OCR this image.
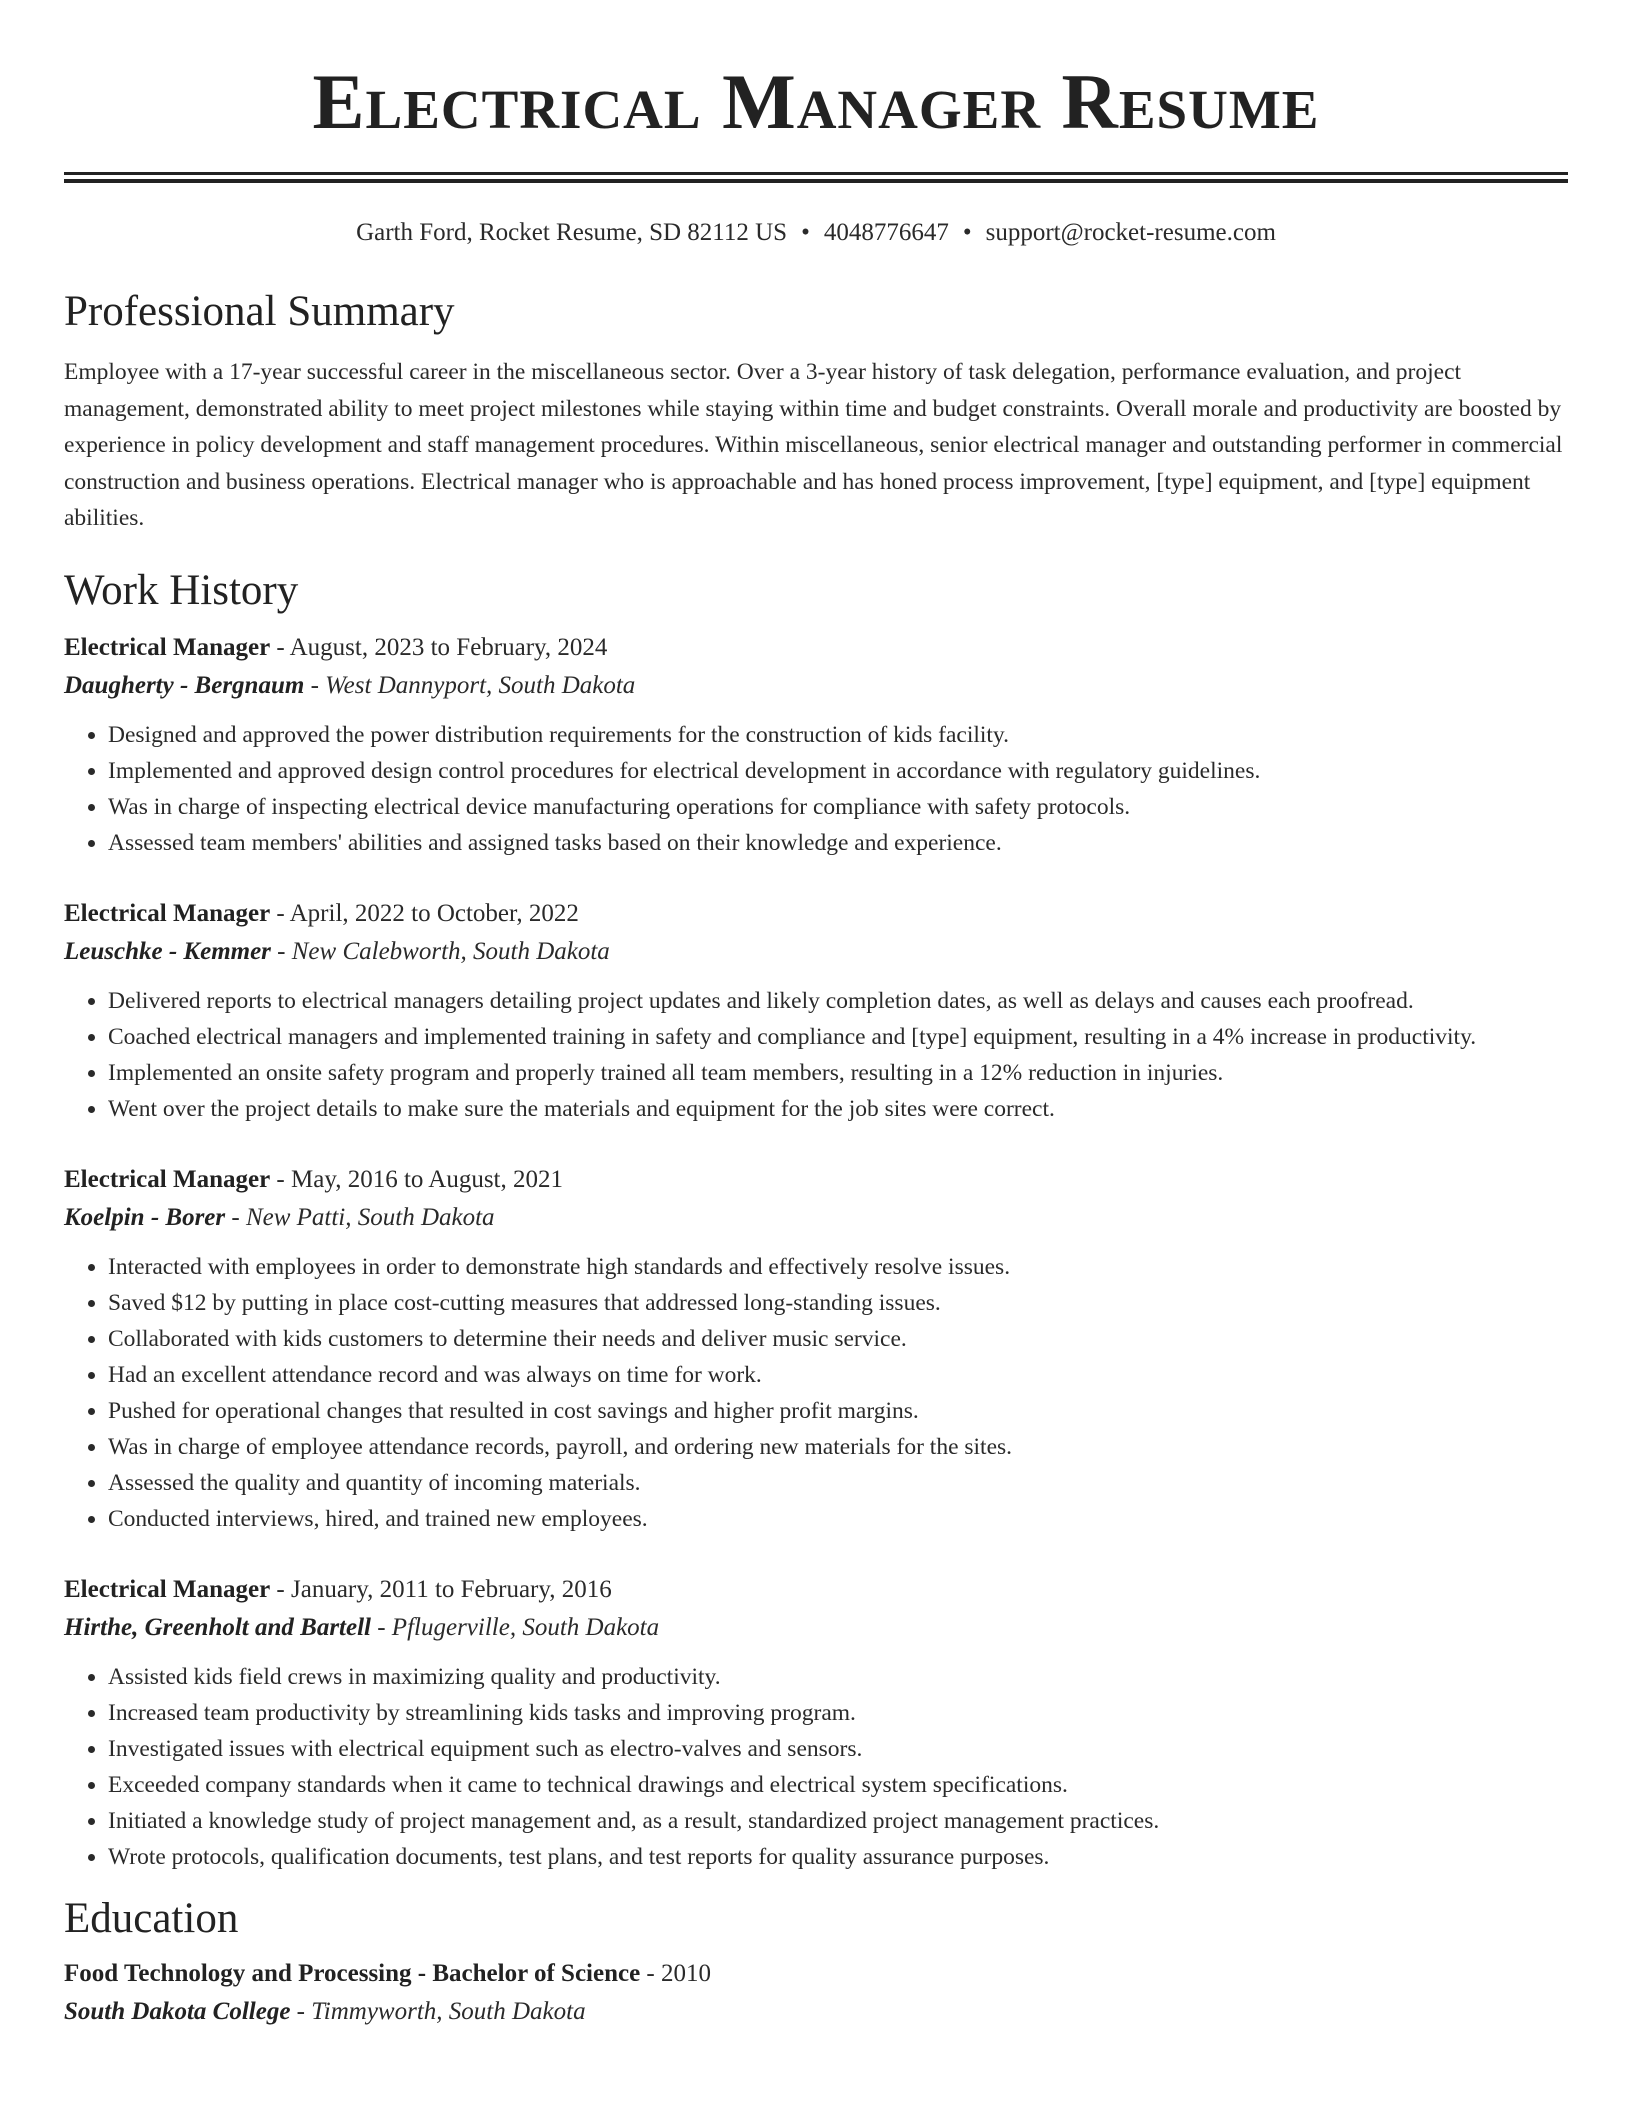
Electrical Manager Resume
Garth Ford, Rocket Resume, SD 82112 US • 4048776647 • support@rocket-resume.com
Professional Summary

Employee with a 17-year successful career in the miscellaneous sector. Over a 3-year history of task delegation, performance evaluation, and project management, demonstrated ability to meet project milestones while staying within time and budget constraints. Overall morale and productivity are boosted by experience in policy development and staff management procedures. Within miscellaneous, senior electrical manager and outstanding performer in commercial construction and business operations. Electrical manager who is approachable and has honed process improvement, [type] equipment, and [type] equipment abilities.

Work History
Electrical Manager - August, 2023 to February, 2024
Daugherty - Bergnaum - West Dannyport, South Dakota
• Designed and approved the power distribution requirements for the construction of kids facility.
• Implemented and approved design control procedures for electrical development in accordance with regulatory guidelines.
• Was in charge of inspecting electrical device manufacturing operations for compliance with safety protocols.
• Assessed team members' abilities and assigned tasks based on their knowledge and experience.
Electrical Manager - April, 2022 to October, 2022
Leuschke - Kemmer - New Calebworth, South Dakota
• Delivered reports to electrical managers detailing project updates and likely completion dates, as well as delays and causes each proofread.
• Coached electrical managers and implemented training in safety and compliance and [type] equipment, resulting in a 4% increase in productivity.
• Implemented an onsite safety program and properly trained all team members, resulting in a 12% reduction in injuries.
• Went over the project details to make sure the materials and equipment for the job sites were correct.
Electrical Manager - May, 2016 to August, 2021
Koelpin - Borer - New Patti, South Dakota
• Interacted with employees in order to demonstrate high standards and effectively resolve issues.
• Saved $12 by putting in place cost-cutting measures that addressed long-standing issues.
• Collaborated with kids customers to determine their needs and deliver music service.
• Had an excellent attendance record and was always on time for work.
• Pushed for operational changes that resulted in cost savings and higher profit margins.
• Was in charge of employee attendance records, payroll, and ordering new materials for the sites.
• Assessed the quality and quantity of incoming materials.
• Conducted interviews, hired, and trained new employees.
Electrical Manager - January, 2011 to February, 2016
Hirthe, Greenholt and Bartell - Pflugerville, South Dakota
• Assisted kids field crews in maximizing quality and productivity.
• Increased team productivity by streamlining kids tasks and improving program.
• Investigated issues with electrical equipment such as electro-valves and sensors.
• Exceeded company standards when it came to technical drawings and electrical system specifications.
• Initiated a knowledge study of project management and, as a result, standardized project management practices.
• Wrote protocols, qualification documents, test plans, and test reports for quality assurance purposes.
Education
Food Technology and Processing - Bachelor of Science - 2010
South Dakota College - Timmyworth, South Dakota
